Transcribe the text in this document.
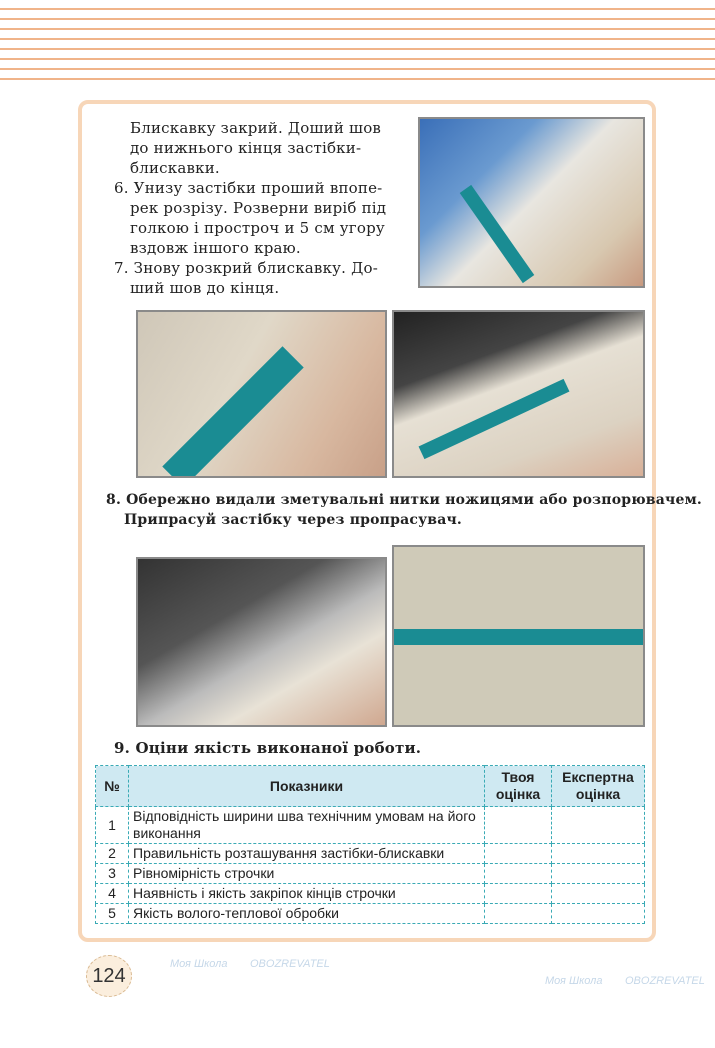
Блискавку закрий. Доший шов
до нижнього кінця застібки-
блискавки.
6. Унизу застібки проший впопе-
рек розрізу. Розверни виріб під
голкою і простроч и 5 см угору
вздовж іншого краю.
7. Знову розкрий блискавку. До-
ший шов до кінця.
8. Обережно видали зметувальні нитки ножицями або розпорювачем.
Припрасуй застібку через пропрасувач.
9. Оціни якість виконаної роботи.
№	Показники	Твоя оцінка	Експертна оцінка
1	Відповідність ширини шва технічним умовам на його виконання		
2	Правильність розташування застібки-блискавки		
3	Рівномірність строчки		
4	Наявність і якість закріпок кінців строчки		
5	Якість волого-теплової обробки		
124
Моя Школа OBOZREVATEL
Моя Школа OBOZREVATEL
